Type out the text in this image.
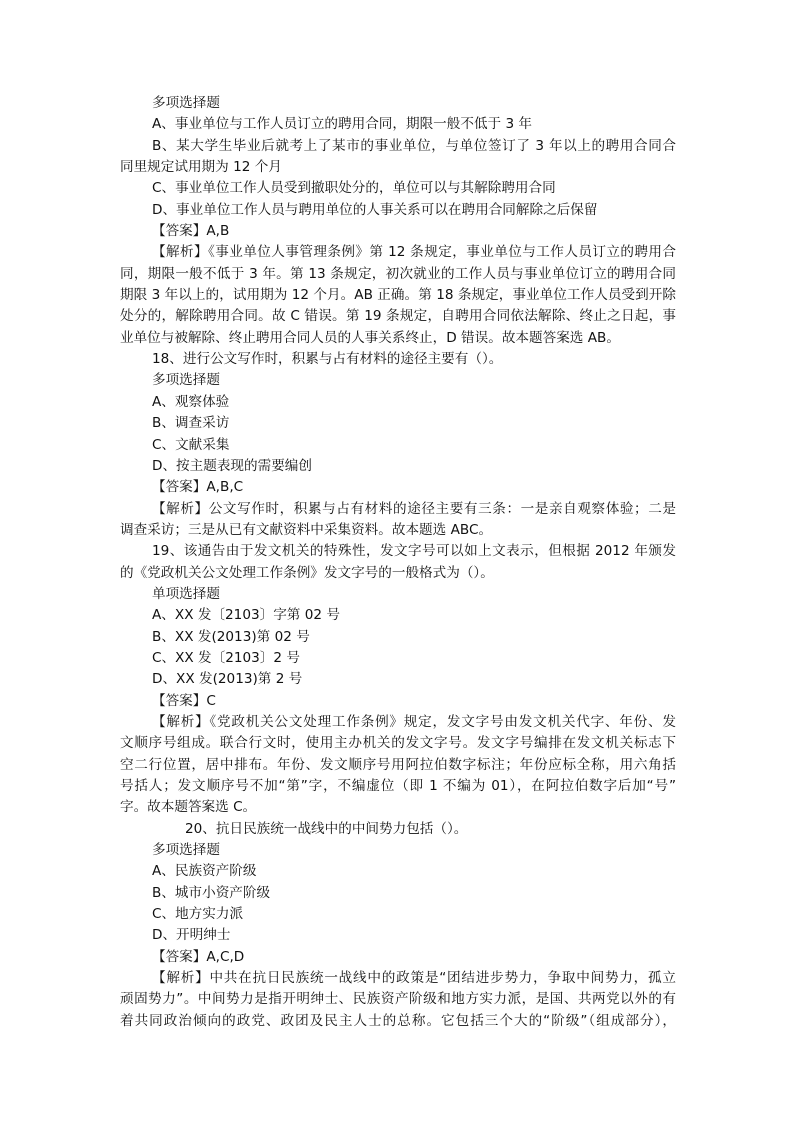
多项选择题
A、事业单位与工作人员订立的聘用合同，期限一般不低于 3 年
B、某大学生毕业后就考上了某市的事业单位，与单位签订了 3 年以上的聘用合同合
同里规定试用期为 12 个月
C、事业单位工作人员受到撤职处分的，单位可以与其解除聘用合同
D、事业单位工作人员与聘用单位的人事关系可以在聘用合同解除之后保留
【答案】A,B
【解析】《事业单位人事管理条例》第 12 条规定，事业单位与工作人员订立的聘用合
同，期限一般不低于 3 年。第 13 条规定，初次就业的工作人员与事业单位订立的聘用合同
期限 3 年以上的，试用期为 12 个月。AB 正确。第 18 条规定，事业单位工作人员受到开除
处分的，解除聘用合同。故 C 错误。第 19 条规定，自聘用合同依法解除、终止之日起，事
业单位与被解除、终止聘用合同人员的人事关系终止，D 错误。故本题答案选 AB。
18、进行公文写作时，积累与占有材料的途径主要有（）。
多项选择题
A、观察体验
B、调查采访
C、文献采集
D、按主题表现的需要编创
【答案】A,B,C
【解析】公文写作时，积累与占有材料的途径主要有三条：一是亲自观察体验；二是
调查采访；三是从已有文献资料中采集资料。故本题选 ABC。
19、该通告由于发文机关的特殊性，发文字号可以如上文表示，但根据 2012 年颁发
的《党政机关公文处理工作条例》发文字号的一般格式为（）。
单项选择题
A、XX 发〔2103〕字第 02 号
B、XX 发(2013)第 02 号
C、XX 发〔2103〕2 号
D、XX 发(2013)第 2 号
【答案】C
【解析】《党政机关公文处理工作条例》规定，发文字号由发文机关代字、年份、发
文顺序号组成。联合行文时，使用主办机关的发文字号。发文字号编排在发文机关标志下
空二行位置，居中排布。年份、发文顺序号用阿拉伯数字标注；年份应标全称，用六角括
号括人；发文顺序号不加“第”字，不编虚位（即 1 不编为 01），在阿拉伯数字后加“号”
字。故本题答案选 C。
20、抗日民族统一战线中的中间势力包括（）。
多项选择题
A、民族资产阶级
B、城市小资产阶级
C、地方实力派
D、开明绅士
【答案】A,C,D
【解析】中共在抗日民族统一战线中的政策是“团结进步势力，争取中间势力，孤立
顽固势力”。中间势力是指开明绅士、民族资产阶级和地方实力派，是国、共两党以外的有
着共同政治倾向的政党、政团及民主人士的总称。它包括三个大的“阶级”（组成部分），
